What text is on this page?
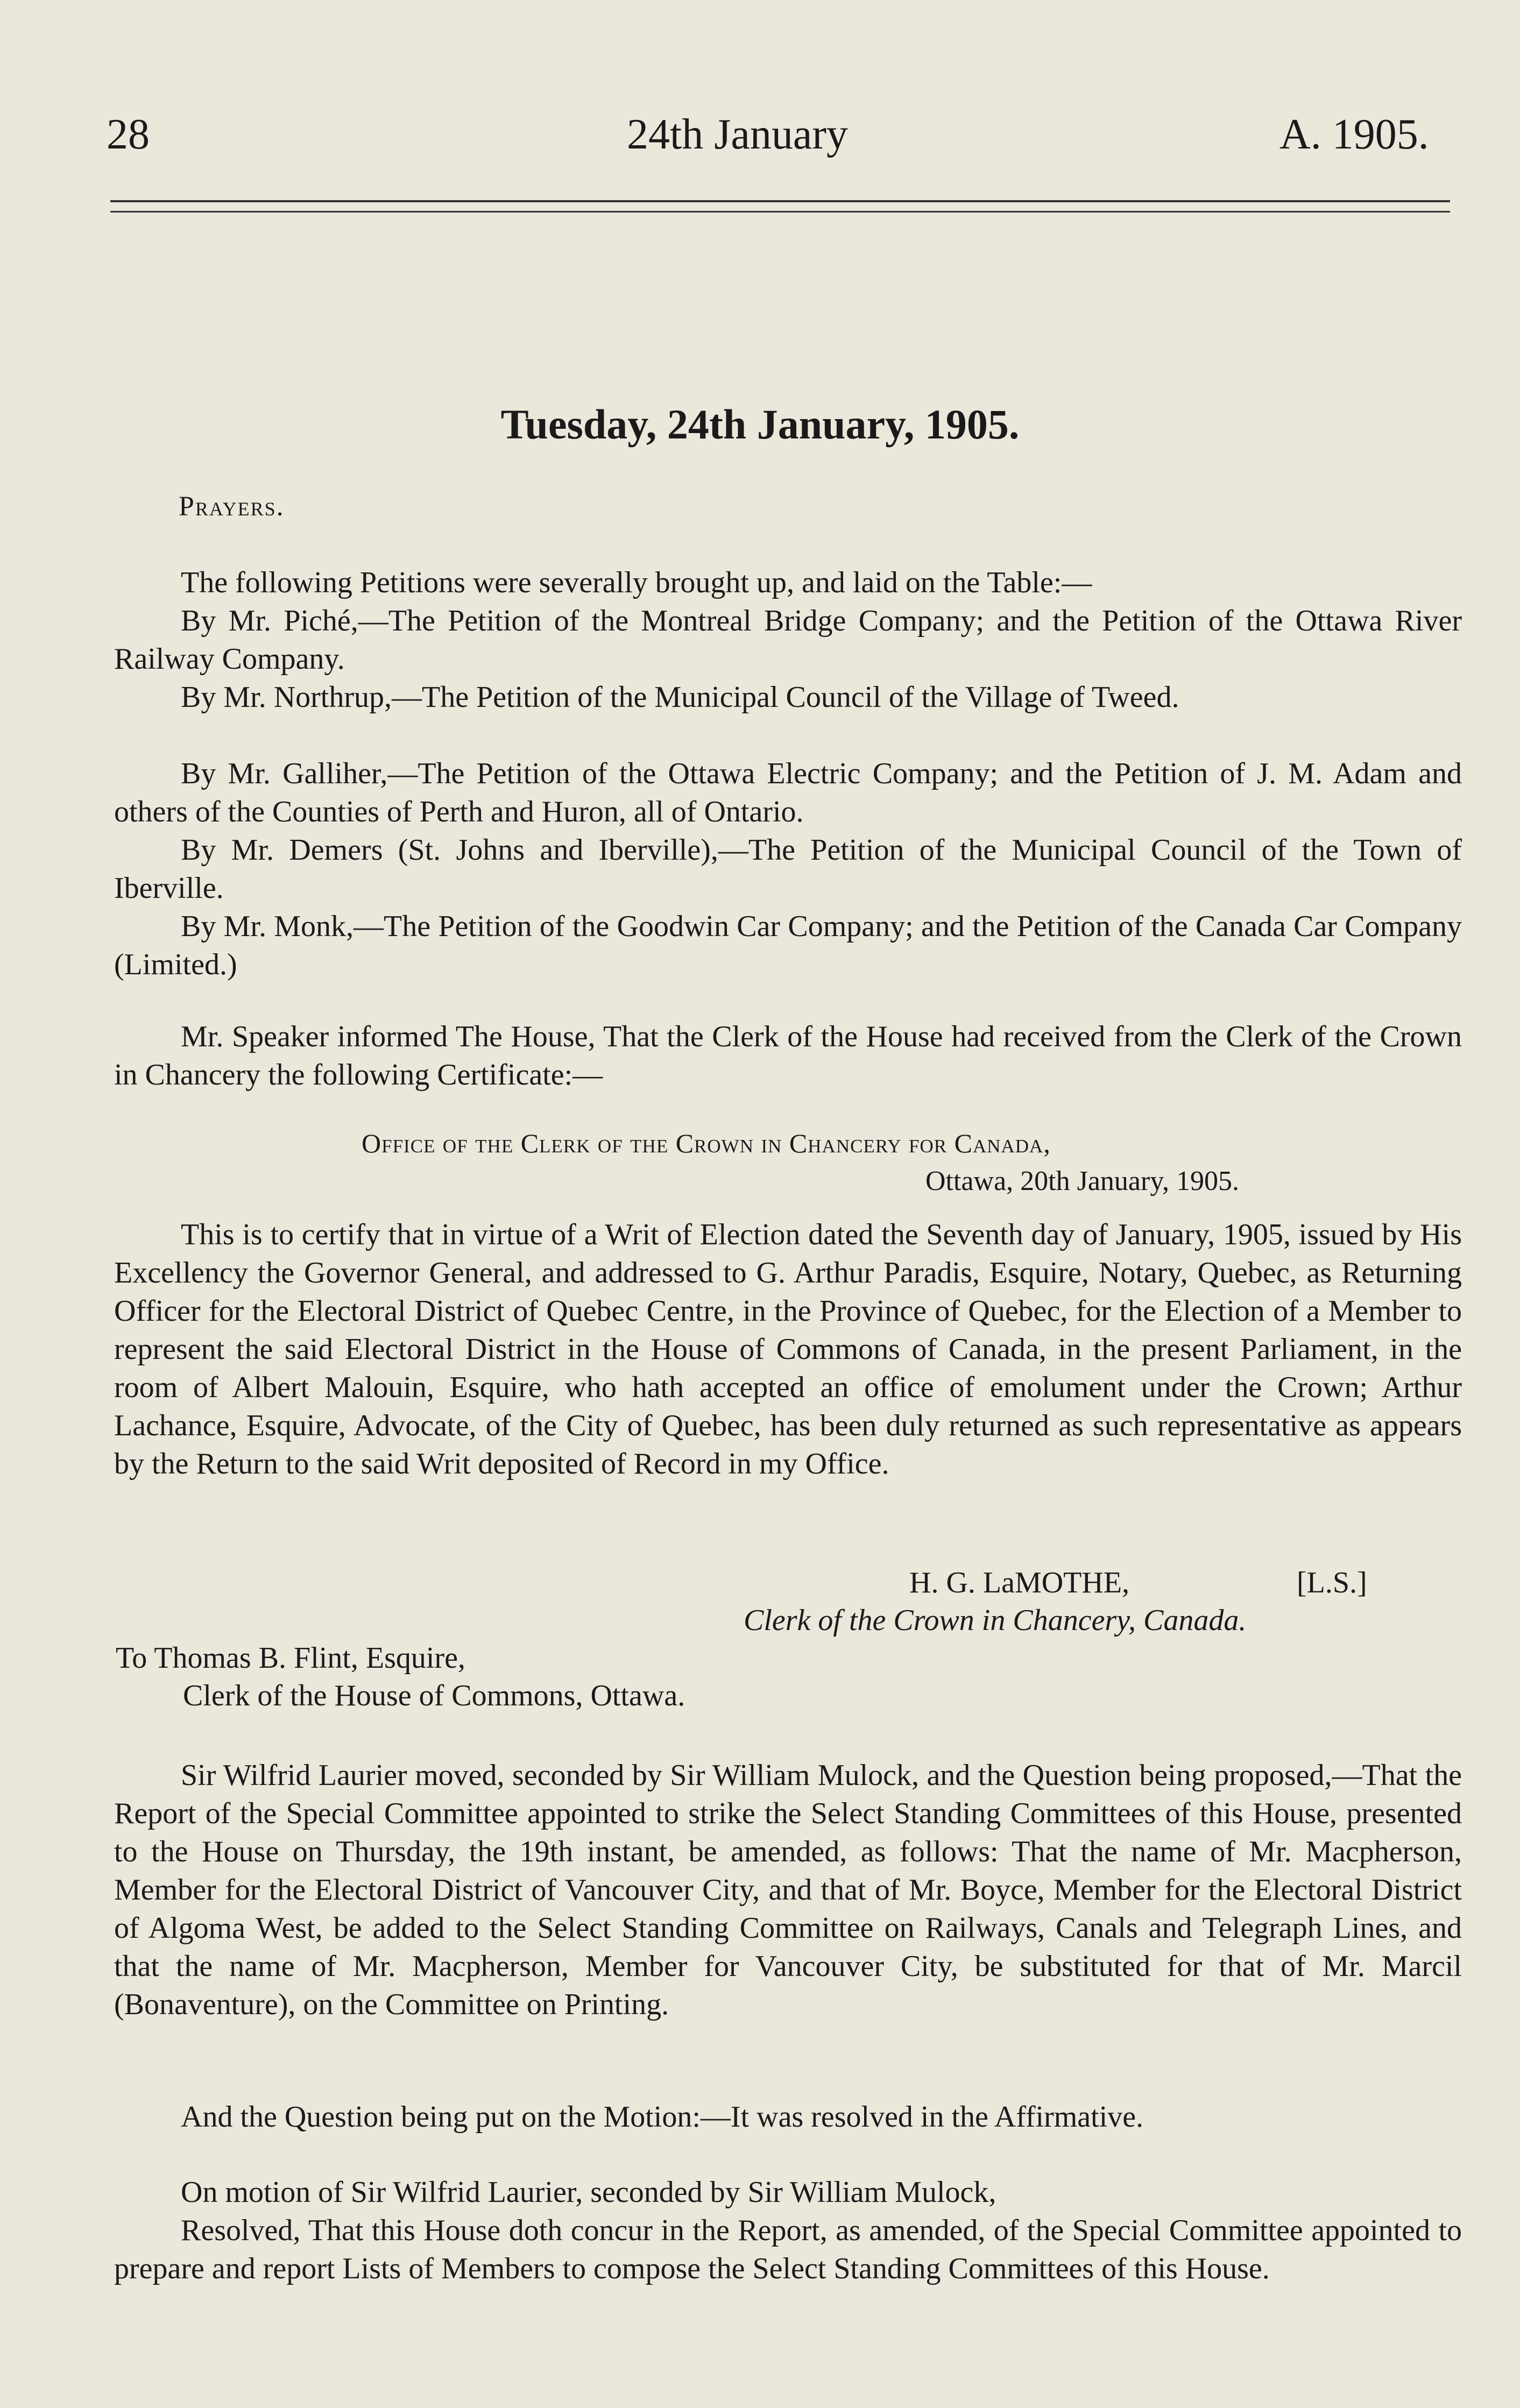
28	24th January	A. 1905.
Tuesday, 24th January, 1905.
Prayers.

The following Petitions were severally brought up, and laid on the Table:—

By Mr. Piché,—The Petition of the Montreal Bridge Company; and the Petition of the Ottawa River Railway Company.

By Mr. Northrup,—The Petition of the Municipal Council of the Village of Tweed.

By Mr. Galliher,—The Petition of the Ottawa Electric Company; and the Petition of J. M. Adam and others of the Counties of Perth and Huron, all of Ontario.

By Mr. Demers (St. Johns and Iberville),—The Petition of the Municipal Council of the Town of Iberville.

By Mr. Monk,—The Petition of the Goodwin Car Company; and the Petition of the Canada Car Company (Limited.)

Mr. Speaker informed The House, That the Clerk of the House had received from the Clerk of the Crown in Chancery the following Certificate:—

Office of the Clerk of the Crown in Chancery for Canada,
Ottawa, 20th January, 1905.

This is to certify that in virtue of a Writ of Election dated the Seventh day of January, 1905, issued by His Excellency the Governor General, and addressed to G. Arthur Paradis, Esquire, Notary, Quebec, as Returning Officer for the Electoral District of Quebec Centre, in the Province of Quebec, for the Election of a Member to represent the said Electoral District in the House of Commons of Canada, in the present Parliament, in the room of Albert Malouin, Esquire, who hath accepted an office of emolument under the Crown; Arthur Lachance, Esquire, Advocate, of the City of Quebec, has been duly returned as such representative as appears by the Return to the said Writ deposited of Record in my Office.

H. G. LaMOTHE,	[L.S.]
Clerk of the Crown in Chancery, Canada.
To Thomas B. Flint, Esquire,
Clerk of the House of Commons, Ottawa.

Sir Wilfrid Laurier moved, seconded by Sir William Mulock, and the Question being proposed,—That the Report of the Special Committee appointed to strike the Select Standing Committees of this House, presented to the House on Thursday, the 19th instant, be amended, as follows: That the name of Mr. Macpherson, Member for the Electoral District of Vancouver City, and that of Mr. Boyce, Member for the Electoral District of Algoma West, be added to the Select Standing Committee on Railways, Canals and Telegraph Lines, and that the name of Mr. Macpherson, Member for Vancouver City, be substituted for that of Mr. Marcil (Bonaventure), on the Committee on Printing.

And the Question being put on the Motion:—It was resolved in the Affirmative.

On motion of Sir Wilfrid Laurier, seconded by Sir William Mulock,

Resolved, That this House doth concur in the Report, as amended, of the Special Committee appointed to prepare and report Lists of Members to compose the Select Standing Committees of this House.
